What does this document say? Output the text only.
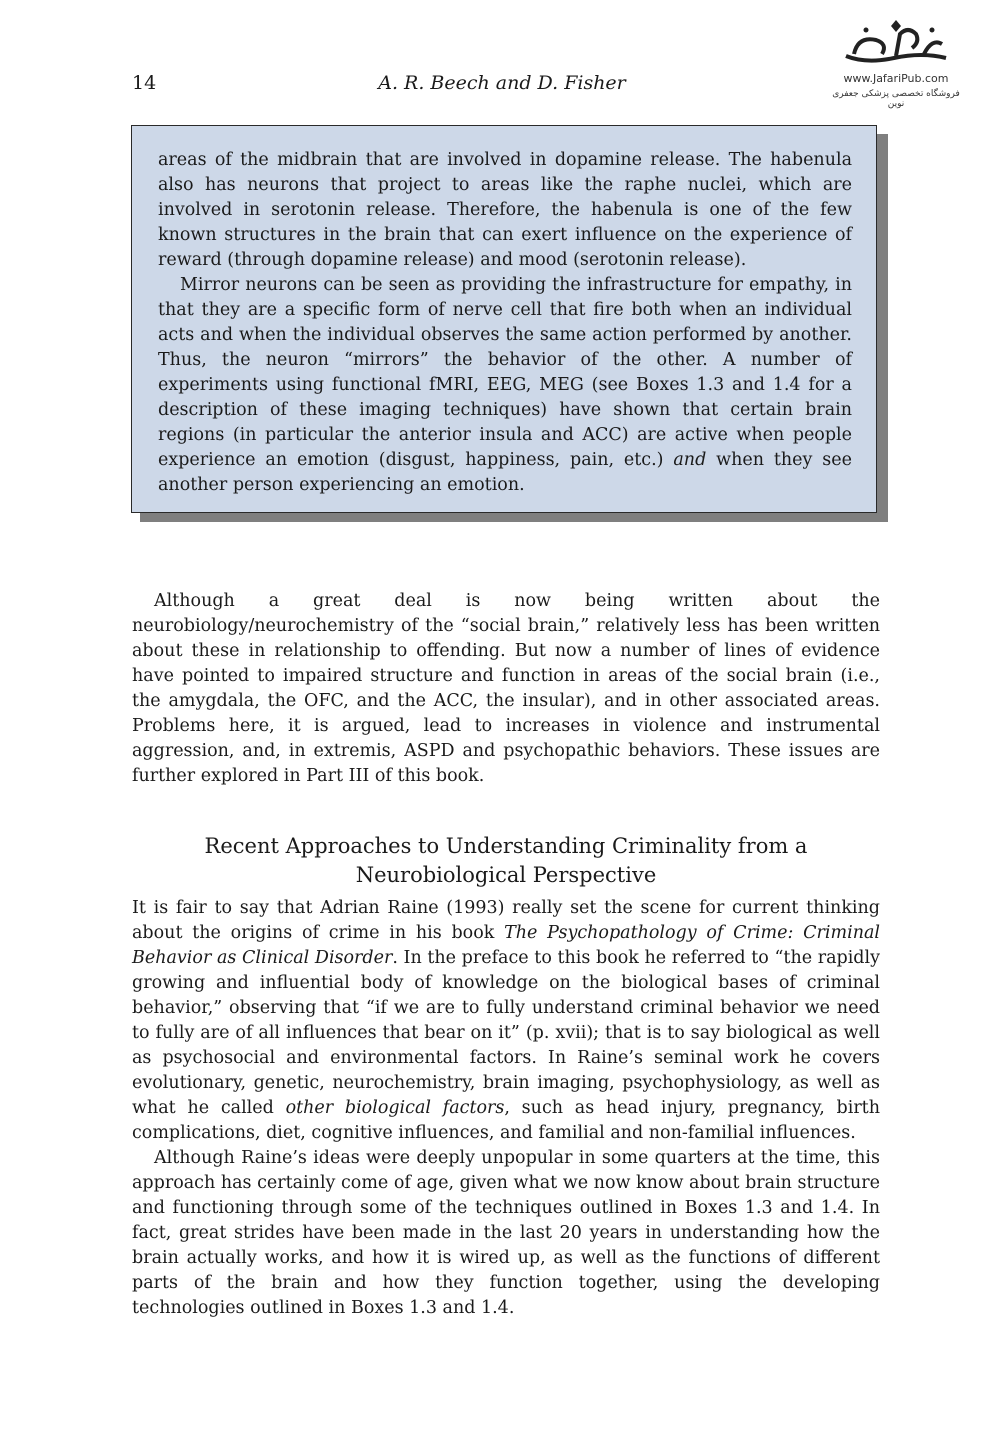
14	A. R. Beech and D. Fisher	www.JafariPub.com
فروشگاه تخصصی پزشکی جعفری نوین

areas of the midbrain that are involved in dopamine release. The habenula also has neurons that project to areas like the raphe nuclei, which are involved in serotonin release. Therefore, the habenula is one of the few known structures in the brain that can exert influence on the experience of reward (through dopamine release) and mood (serotonin release).

Mirror neurons can be seen as providing the infrastructure for empathy, in that they are a specific form of nerve cell that fire both when an individual acts and when the individual observes the same action performed by another. Thus, the neuron “mirrors” the behavior of the other. A number of experiments using functional fMRI, EEG, MEG (see Boxes 1.3 and 1.4 for a description of these imaging techniques) have shown that certain brain regions (in particular the anterior insula and ACC) are active when people experience an emotion (disgust, happiness, pain, etc.) and when they see another person experiencing an emotion.

Although a great deal is now being written about the neurobiology/neurochemistry of the “social brain,” relatively less has been written about these in relationship to offending. But now a number of lines of evidence have pointed to impaired structure and function in areas of the social brain (i.e., the amygdala, the OFC, and the ACC, the insular), and in other associated areas. Problems here, it is argued, lead to increases in violence and instrumental aggression, and, in extremis, ASPD and psychopathic behaviors. These issues are further explored in Part III of this book.

Recent Approaches to Understanding Criminality from a
Neurobiological Perspective

It is fair to say that Adrian Raine (1993) really set the scene for current thinking about the origins of crime in his book The Psychopathology of Crime: Criminal Behavior as Clinical Disorder. In the preface to this book he referred to “the rapidly growing and influential body of knowledge on the biological bases of criminal behavior,” observing that “if we are to fully understand criminal behavior we need to fully are of all influences that bear on it” (p. xvii); that is to say biological as well as psychosocial and environmental factors. In Raine’s seminal work he covers evolutionary, genetic, neurochemistry, brain imaging, psychophysiology, as well as what he called other biological factors, such as head injury, pregnancy, birth complications, diet, cognitive influences, and familial and non-familial influences.

Although Raine’s ideas were deeply unpopular in some quarters at the time, this approach has certainly come of age, given what we now know about brain structure and functioning through some of the techniques outlined in Boxes 1.3 and 1.4. In fact, great strides have been made in the last 20 years in understanding how the brain actually works, and how it is wired up, as well as the functions of different parts of the brain and how they function together, using the developing technologies outlined in Boxes 1.3 and 1.4.
